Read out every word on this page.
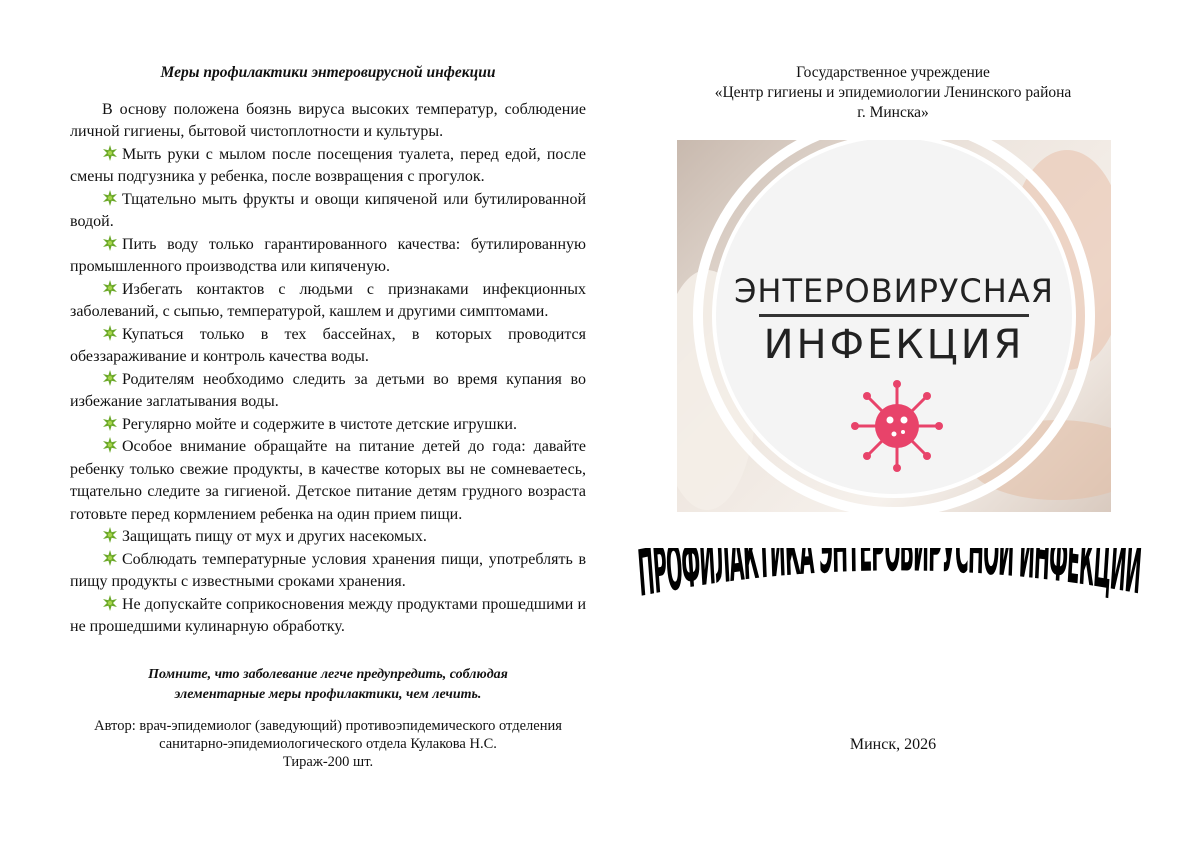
Меры профилактики энтеровирусной инфекции

В основу положена боязнь вируса высоких температур, соблюдение личной гигиены, бытовой чистоплотности и культуры.

Мыть руки с мылом после посещения туалета, перед едой, после смены подгузника у ребенка, после возвращения с прогулок.

Тщательно мыть фрукты и овощи кипяченой или бутилированной водой.

Пить воду только гарантированного качества: бутилированную промышленного производства или кипяченую.

Избегать контактов с людьми с признаками инфекционных заболеваний, с сыпью, температурой, кашлем и другими симптомами.

Купаться только в тех бассейнах, в которых проводится обеззараживание и контроль качества воды.

Родителям необходимо следить за детьми во время купания во избежание заглатывания воды.

Регулярно мойте и содержите в чистоте детские игрушки.

Особое внимание обращайте на питание детей до года: давайте ребенку только свежие продукты, в качестве которых вы не сомневаетесь, тщательно следите за гигиеной. Детское питание детям грудного возраста готовьте перед кормлением ребенка на один прием пищи.

Защищать пищу от мух и других насекомых.

Соблюдать температурные условия хранения пищи, употреблять в пищу продукты с известными сроками хранения.

Не допускайте соприкосновения между продуктами прошедшими и не прошедшими кулинарную обработку.

Помните, что заболевание легче предупредить, соблюдая
элементарные меры профилактики, чем лечить.
Автор: врач-эпидемиолог (заведующий) противоэпидемического отделения
санитарно-эпидемиологического отдела Кулакова Н.С.
Тираж-200 шт.
Государственное учреждение
«Центр гигиены и эпидемиологии Ленинского района
г. Минска»
ЭНТЕРОВИРУСНАЯ
ИНФЕКЦИЯ
ПРОФИЛАКТИКА ЭНТЕРОВИРУСНОЙ ИНФЕКЦИИ
Минск, 2026
